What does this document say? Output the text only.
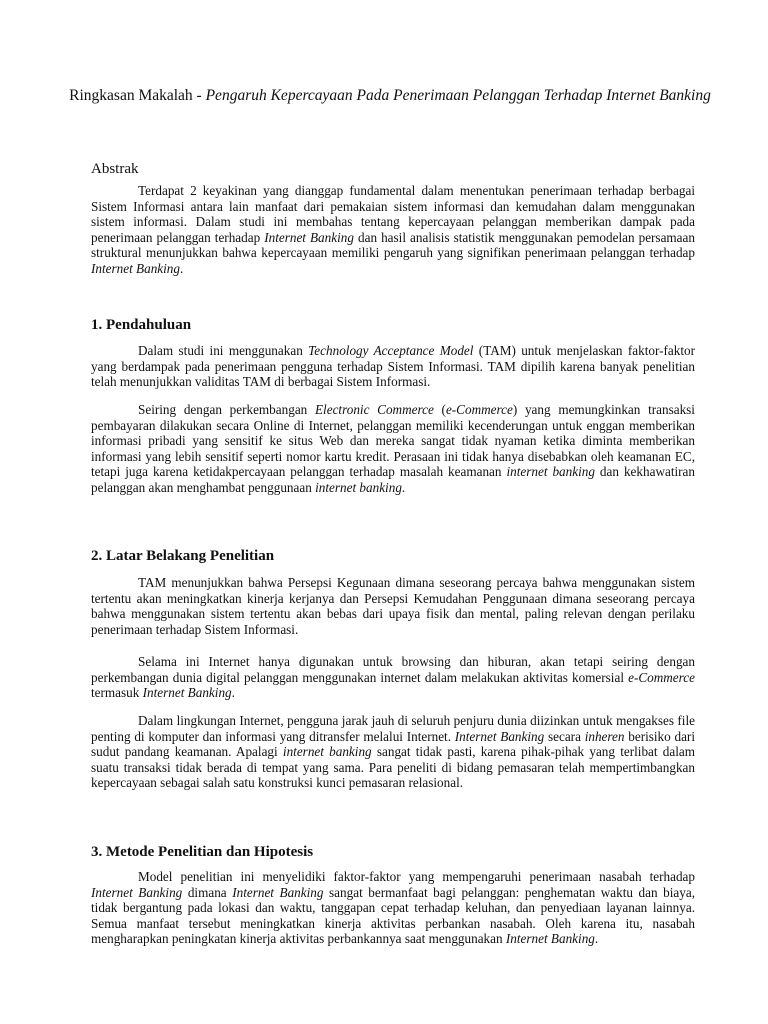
Ringkasan Makalah - Pengaruh Kepercayaan Pada Penerimaan Pelanggan Terhadap Internet Banking
Abstrak

Terdapat 2 keyakinan yang dianggap fundamental dalam menentukan penerimaan terhadap berbagai Sistem Informasi antara lain manfaat dari pemakaian sistem informasi dan kemudahan dalam menggunakan sistem informasi. Dalam studi ini membahas tentang kepercayaan pelanggan memberikan dampak pada penerimaan pelanggan terhadap Internet Banking dan hasil analisis statistik menggunakan pemodelan persamaan struktural menunjukkan bahwa kepercayaan memiliki pengaruh yang signifikan penerimaan pelanggan terhadap Internet Banking.

1. Pendahuluan

Dalam studi ini menggunakan Technology Acceptance Model (TAM) untuk menjelaskan faktor-faktor yang berdampak pada penerimaan pengguna terhadap Sistem Informasi. TAM dipilih karena banyak penelitian telah menunjukkan validitas TAM di berbagai Sistem Informasi.

Seiring dengan perkembangan Electronic Commerce (e-Commerce) yang memungkinkan transaksi pembayaran dilakukan secara Online di Internet, pelanggan memiliki kecenderungan untuk enggan memberikan informasi pribadi yang sensitif ke situs Web dan mereka sangat tidak nyaman ketika diminta memberikan informasi yang lebih sensitif seperti nomor kartu kredit. Perasaan ini tidak hanya disebabkan oleh keamanan EC, tetapi juga karena ketidakpercayaan pelanggan terhadap masalah keamanan internet banking dan kekhawatiran pelanggan akan menghambat penggunaan internet banking.

2. Latar Belakang Penelitian

TAM menunjukkan bahwa Persepsi Kegunaan dimana seseorang percaya bahwa menggunakan sistem tertentu akan meningkatkan kinerja kerjanya dan Persepsi Kemudahan Penggunaan dimana seseorang percaya bahwa menggunakan sistem tertentu akan bebas dari upaya fisik dan mental, paling relevan dengan perilaku penerimaan terhadap Sistem Informasi.

Selama ini Internet hanya digunakan untuk browsing dan hiburan, akan tetapi seiring dengan perkembangan dunia digital pelanggan menggunakan internet dalam melakukan aktivitas komersial e-Commerce termasuk Internet Banking.

Dalam lingkungan Internet, pengguna jarak jauh di seluruh penjuru dunia diizinkan untuk mengakses file penting di komputer dan informasi yang ditransfer melalui Internet. Internet Banking secara inheren berisiko dari sudut pandang keamanan. Apalagi internet banking sangat tidak pasti, karena pihak-pihak yang terlibat dalam suatu transaksi tidak berada di tempat yang sama. Para peneliti di bidang pemasaran telah mempertimbangkan kepercayaan sebagai salah satu konstruksi kunci pemasaran relasional.

3. Metode Penelitian dan Hipotesis

Model penelitian ini menyelidiki faktor-faktor yang mempengaruhi penerimaan nasabah terhadap Internet Banking dimana Internet Banking sangat bermanfaat bagi pelanggan: penghematan waktu dan biaya, tidak bergantung pada lokasi dan waktu, tanggapan cepat terhadap keluhan, dan penyediaan layanan lainnya. Semua manfaat tersebut meningkatkan kinerja aktivitas perbankan nasabah. Oleh karena itu, nasabah mengharapkan peningkatan kinerja aktivitas perbankannya saat menggunakan Internet Banking.
